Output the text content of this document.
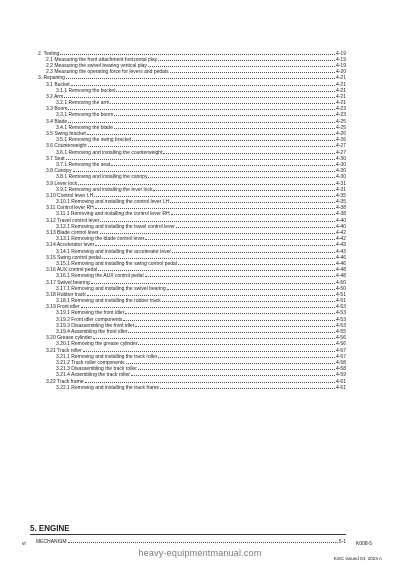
2. Testing	4-19
2.1 Measuring the front attachment horizontal play	4-19
2.2 Measuring the swivel bearing vertical play	4-19
2.3 Measuring the operating force for levers and pedals	4-20
3. Repairing	4-21
3.1 Bucket	4-21
3.1.1 Removing the bucket	4-21
3.2 Arm	4-21
3.2.1 Removing the arm	4-21
3.3 Boom	4-23
3.3.1 Removing the boom	4-23
3.4 Blade	4-25
3.4.1 Removing the blade	4-25
3.5 Swing bracket	4-26
3.5.1 Removing the swing bracket	4-26
3.6 Counterweight	4-27
3.6.1 Removing and installing the counterweight	4-27
3.7 Seat	4-30
3.7.1 Removing the seat	4-30
3.8 Canopy	4-30
3.8.1 Removing and installing the canopy	4-30
3.9 Lever lock	4-31
3.9.1 Removing and installing the lever lock	4-31
3.10 Control lever LH	4-35
3.10.1 Removing and installing the control lever LH	4-35
3.11 Control lever RH	4-38
3.11.1 Removing and installing the control lever RH	4-38
3.12 Travel control lever	4-40
3.12.1 Removing and installing the travel control lever	4-40
3.13 Blade control lever	4-42
3.13.1 Removing the blade control lever	4-42
3.14 Accelerator lever	4-43
3.14.1 Removing and installing the accelerator lever	4-43
3.15 Swing control pedal	4-46
3.15.1 Removing and installing the swing control pedal	4-46
3.16 AUX control pedal	4-48
3.16.1 Removing the AUX control pedal	4-48
3.17 Swivel bearing	4-50
3.17.1 Removing and installing the swivel bearing	4-50
3.18 Rubber track	4-51
3.18.1 Removing and installing the rubber track	4-51
3.19 Front idler	4-53
3.19.1 Removing the front idler	4-53
3.19.2 Front idler components	4-53
3.19.3 Disassembling the front idler	4-53
3.19.4 Assembling the front idler	4-55
3.20 Grease cylinder	4-56
3.20.1 Removing the grease cylinder	4-56
3.21 Track roller	4-57
3.21.1 Removing and installing the track roller	4-57
3.21.2 Track roller components	4-58
3.21.3 Disassembling the track roller	4-58
3.21.4 Assembling the track roller	4-59
3.22 Track frame	4-61
3.22.1 Removing and installing the track frame	4-61
5. ENGINE
MECHANISM	5-1
vi	K008-5
heavy-equipmentmanual.com
KiSC issued 04, 2023 A
